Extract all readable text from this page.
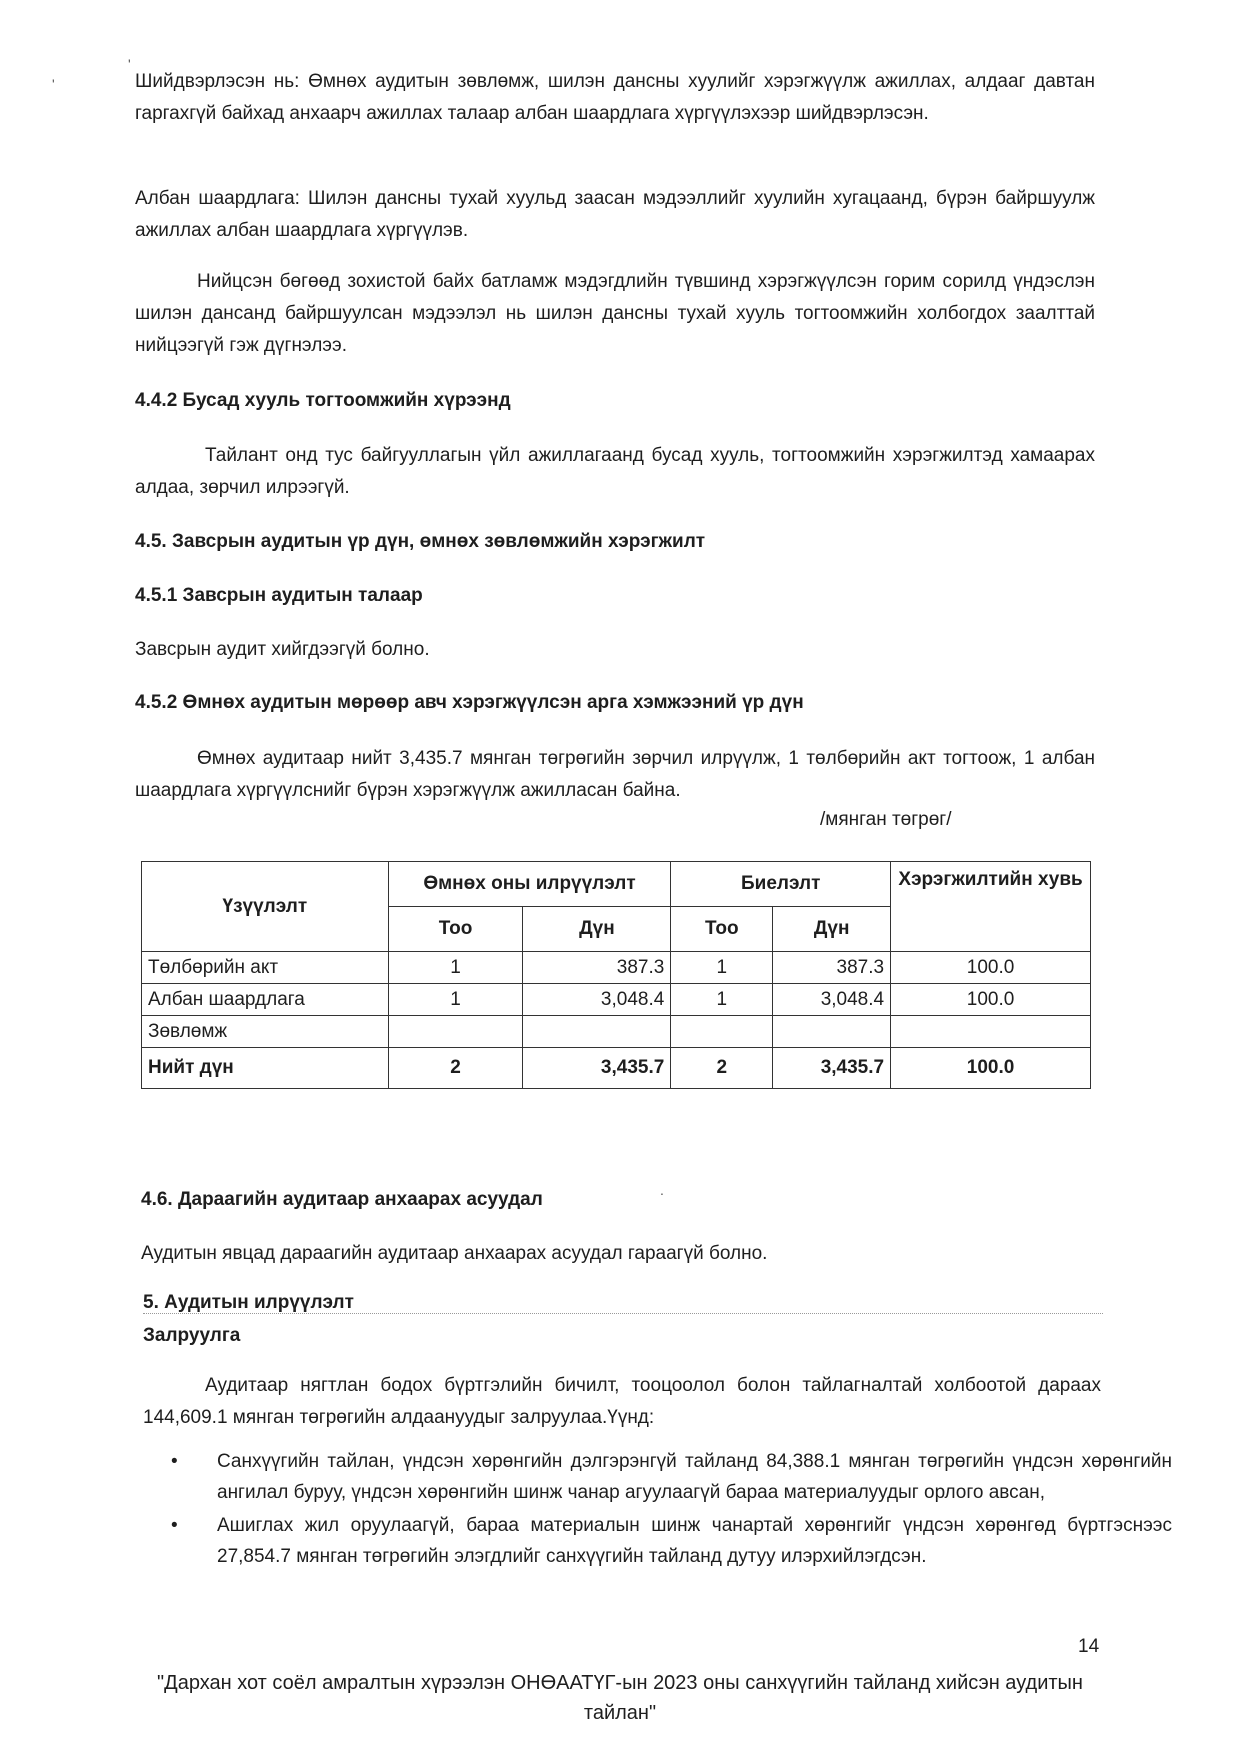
'
'	Шийдвэрлэсэн нь: Өмнөх аудитын зөвлөмж, шилэн дансны хуулийг хэрэгжүүлж ажиллах, алдааг давтан гаргахгүй байхад анхаарч ажиллах талаар албан шаардлага хүргүүлэхээр шийдвэрлэсэн.
Албан шаардлага: Шилэн дансны тухай хуульд заасан мэдээллийг хуулийн хугацаанд, бүрэн байршуулж ажиллах албан шаардлага хүргүүлэв.
Нийцсэн бөгөөд зохистой байх батламж мэдэгдлийн түвшинд хэрэгжүүлсэн горим сорилд үндэслэн шилэн дансанд байршуулсан мэдээлэл нь шилэн дансны тухай хууль тогтоомжийн холбогдох заалттай нийцээгүй гэж дүгнэлээ.
4.4.2 Бусад хууль тогтоомжийн хүрээнд
Тайлант онд тус байгууллагын үйл ажиллагаанд бусад хууль, тогтоомжийн хэрэгжилтэд хамаарах алдаа, зөрчил илрээгүй.
4.5. Завсрын аудитын үр дүн, өмнөх зөвлөмжийн хэрэгжилт
4.5.1 Завсрын аудитын талаар
Завсрын аудит хийгдээгүй болно.
4.5.2 Өмнөх аудитын мөрөөр авч хэрэгжүүлсэн арга хэмжээний үр дүн
Өмнөх аудитаар нийт 3,435.7 мянган төгрөгийн зөрчил илрүүлж, 1 төлбөрийн акт тогтоож, 1 албан шаардлага хүргүүлснийг бүрэн хэрэгжүүлж ажилласан байна.
/мянган төгрөг/
Үзүүлэлт	Өмнөх оны илрүүлэлт		Биелэлт		Хэрэгжилтийн хувь
	Тоо	Дүн	Тоо	Дүн	
Төлбөрийн акт	1	387.3	1	387.3	100.0
Албан шаардлага	1	3,048.4	1	3,048.4	100.0
Зөвлөмж					
Нийт дүн	2	3,435.7	2	3,435.7	100.0
4.6. Дараагийн аудитаар анхаарах асуудал	.
Аудитын явцад дараагийн аудитаар анхаарах асуудал гараагүй болно.
5. Аудитын илрүүлэлт
Залруулга
Аудитаар нягтлан бодох бүртгэлийн бичилт, тооцоолол болон тайлагналтай холбоотой дараах 144,609.1 мянган төгрөгийн алдаануудыг залруулаа.Үүнд:
• Санхүүгийн тайлан, үндсэн хөрөнгийн дэлгэрэнгүй тайланд 84,388.1 мянган төгрөгийн үндсэн хөрөнгийн ангилал буруу, үндсэн хөрөнгийн шинж чанар агуулаагүй бараа материалуудыг орлого авсан,
• Ашиглах жил оруулаагүй, бараа материалын шинж чанартай хөрөнгийг үндсэн хөрөнгөд бүртгэснээс 27,854.7 мянган төгрөгийн элэгдлийг санхүүгийн тайланд дутуу илэрхийлэгдсэн.
14
"Дархан хот соёл амралтын хүрээлэн ОНӨААТҮГ-ын 2023 оны санхүүгийн тайланд хийсэн аудитын тайлан"
